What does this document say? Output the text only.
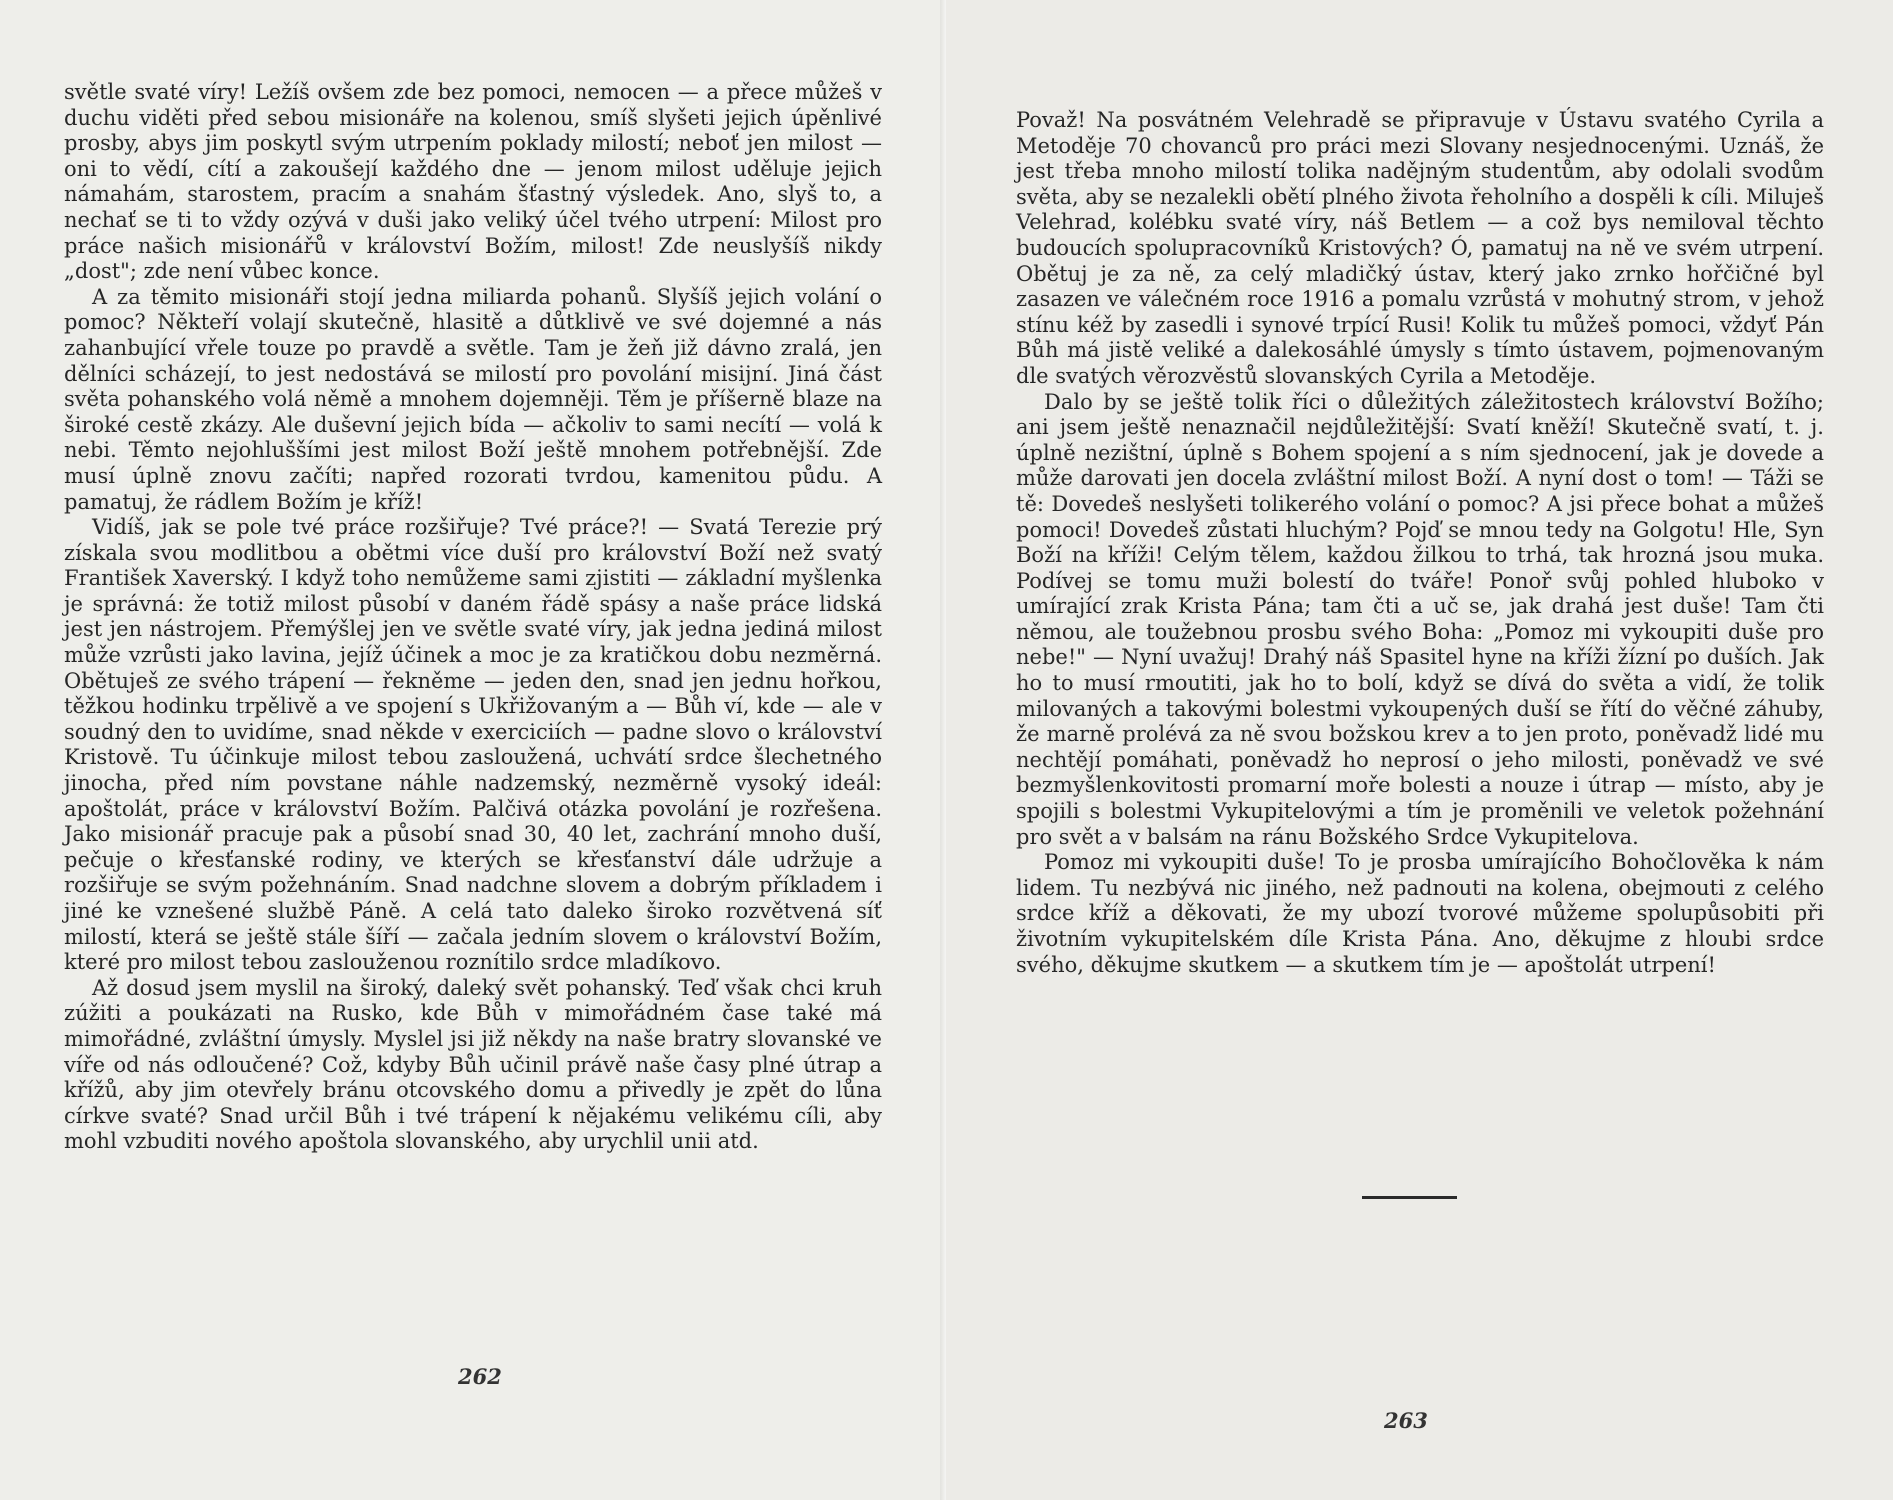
světle svaté víry! Ležíš ovšem zde bez pomoci, nemocen — a přece můžeš v duchu viděti před sebou misionáře na kolenou, smíš slyšeti jejich úpěnlivé prosby, abys jim poskytl svým utrpením poklady milostí; neboť jen milost — oni to vědí, cítí a zakoušejí každého dne — jenom milost uděluje jejich námahám, starostem, pracím a snahám šťastný výsledek. Ano, slyš to, a nechať se ti to vždy ozývá v duši jako veliký účel tvého utrpení: Milost pro práce našich misionářů v království Božím, milost! Zde neuslyšíš nikdy „dost"; zde není vůbec konce.

A za těmito misionáři stojí jedna miliarda pohanů. Slyšíš jejich volání o pomoc? Někteří volají skutečně, hlasitě a důtklivě ve své dojemné a nás zahanbující vřele touze po pravdě a světle. Tam je žeň již dávno zralá, jen dělníci scházejí, to jest nedostává se milostí pro povolání misijní. Jiná část světa pohanského volá němě a mnohem dojemněji. Těm je příšerně blaze na široké cestě zkázy. Ale duševní jejich bída — ačkoliv to sami necítí — volá k nebi. Těmto nejohluššími jest milost Boží ještě mnohem potřebnější. Zde musí úplně znovu začíti; napřed rozorati tvrdou, kamenitou půdu. A pamatuj, že rádlem Božím je kříž!

Vidíš, jak se pole tvé práce rozšiřuje? Tvé práce?! — Svatá Terezie prý získala svou modlitbou a obětmi více duší pro království Boží než svatý František Xaverský. I když toho nemůžeme sami zjistiti — základní myšlenka je správná: že totiž milost působí v daném řádě spásy a naše práce lidská jest jen nástrojem. Přemýšlej jen ve světle svaté víry, jak jedna jediná milost může vzrůsti jako lavina, jejíž účinek a moc je za kratičkou dobu nezměrná. Obětuješ ze svého trápení — řekněme — jeden den, snad jen jednu hořkou, těžkou hodinku trpělivě a ve spojení s Ukřižovaným a — Bůh ví, kde — ale v soudný den to uvidíme, snad někde v exerciciích — padne slovo o království Kristově. Tu účinkuje milost tebou zasloužená, uchvátí srdce šlechetného jinocha, před ním povstane náhle nadzemský, nezměrně vysoký ideál: apoštolát, práce v království Božím. Palčivá otázka povolání je rozřešena. Jako misionář pracuje pak a působí snad 30, 40 let, zachrání mnoho duší, pečuje o křesťanské rodiny, ve kterých se křesťanství dále udržuje a rozšiřuje se svým požehnáním. Snad nadchne slovem a dobrým příkladem i jiné ke vznešené službě Páně. A celá tato daleko široko rozvětvená síť milostí, která se ještě stále šíří — začala jedním slovem o království Božím, které pro milost tebou zaslouženou roznítilo srdce mladíkovo.

Až dosud jsem myslil na široký, daleký svět pohanský. Teď však chci kruh zúžiti a poukázati na Rusko, kde Bůh v mimořádném čase také má mimořádné, zvláštní úmysly. Myslel jsi již někdy na naše bratry slovanské ve víře od nás odloučené? Což, kdyby Bůh učinil právě naše časy plné útrap a křížů, aby jim otevřely bránu otcovského domu a přivedly je zpět do lůna církve svaté? Snad určil Bůh i tvé trápení k nějakému velikému cíli, aby mohl vzbuditi nového apoštola slovanského, aby urychlil unii atd.

262

Považ! Na posvátném Velehradě se připravuje v Ústavu svatého Cyrila a Metoděje 70 chovanců pro práci mezi Slovany nesjednocenými. Uznáš, že jest třeba mnoho milostí tolika nadějným studentům, aby odolali svodům světa, aby se nezalekli obětí plného života řeholního a dospěli k cíli. Miluješ Velehrad, kolébku svaté víry, náš Betlem — a což bys nemiloval těchto budoucích spolupracovníků Kristových? Ó, pamatuj na ně ve svém utrpení. Obětuj je za ně, za celý mladičký ústav, který jako zrnko hořčičné byl zasazen ve válečném roce 1916 a pomalu vzrůstá v mohutný strom, v jehož stínu kéž by zasedli i synové trpící Rusi! Kolik tu můžeš pomoci, vždyť Pán Bůh má jistě veliké a dalekosáhlé úmysly s tímto ústavem, pojmenovaným dle svatých věrozvěstů slovanských Cyrila a Metoděje.

Dalo by se ještě tolik říci o důležitých záležitostech království Božího; ani jsem ještě nenaznačil nejdůležitější: Svatí kněží! Skutečně svatí, t. j. úplně nezištní, úplně s Bohem spojení a s ním sjednocení, jak je dovede a může darovati jen docela zvláštní milost Boží. A nyní dost o tom! — Táži se tě: Dovedeš neslyšeti tolikerého volání o pomoc? A jsi přece bohat a můžeš pomoci! Dovedeš zůstati hluchým? Pojď se mnou tedy na Golgotu! Hle, Syn Boží na kříži! Celým tělem, každou žilkou to trhá, tak hrozná jsou muka. Podívej se tomu muži bolestí do tváře! Ponoř svůj pohled hluboko v umírající zrak Krista Pána; tam čti a uč se, jak drahá jest duše! Tam čti němou, ale toužebnou prosbu svého Boha: „Pomoz mi vykoupiti duše pro nebe!" — Nyní uvažuj! Drahý náš Spasitel hyne na kříži žízní po duších. Jak ho to musí rmoutiti, jak ho to bolí, když se dívá do světa a vidí, že tolik milovaných a takovými bolestmi vykoupených duší se řítí do věčné záhuby, že marně prolévá za ně svou božskou krev a to jen proto, poněvadž lidé mu nechtějí pomáhati, poněvadž ho neprosí o jeho milosti, poněvadž ve své bezmyšlenkovitosti promarní moře bolesti a nouze i útrap — místo, aby je spojili s bolestmi Vykupitelovými a tím je proměnili ve veletok požehnání pro svět a v balsám na ránu Božského Srdce Vykupitelova.

Pomoz mi vykoupiti duše! To je prosba umírajícího Bohočlověka k nám lidem. Tu nezbývá nic jiného, než padnouti na kolena, obejmouti z celého srdce kříž a děkovati, že my ubozí tvorové můžeme spolupůsobiti při životním vykupitelském díle Krista Pána. Ano, děkujme z hloubi srdce svého, děkujme skutkem — a skutkem tím je — apoštolát utrpení!

263
